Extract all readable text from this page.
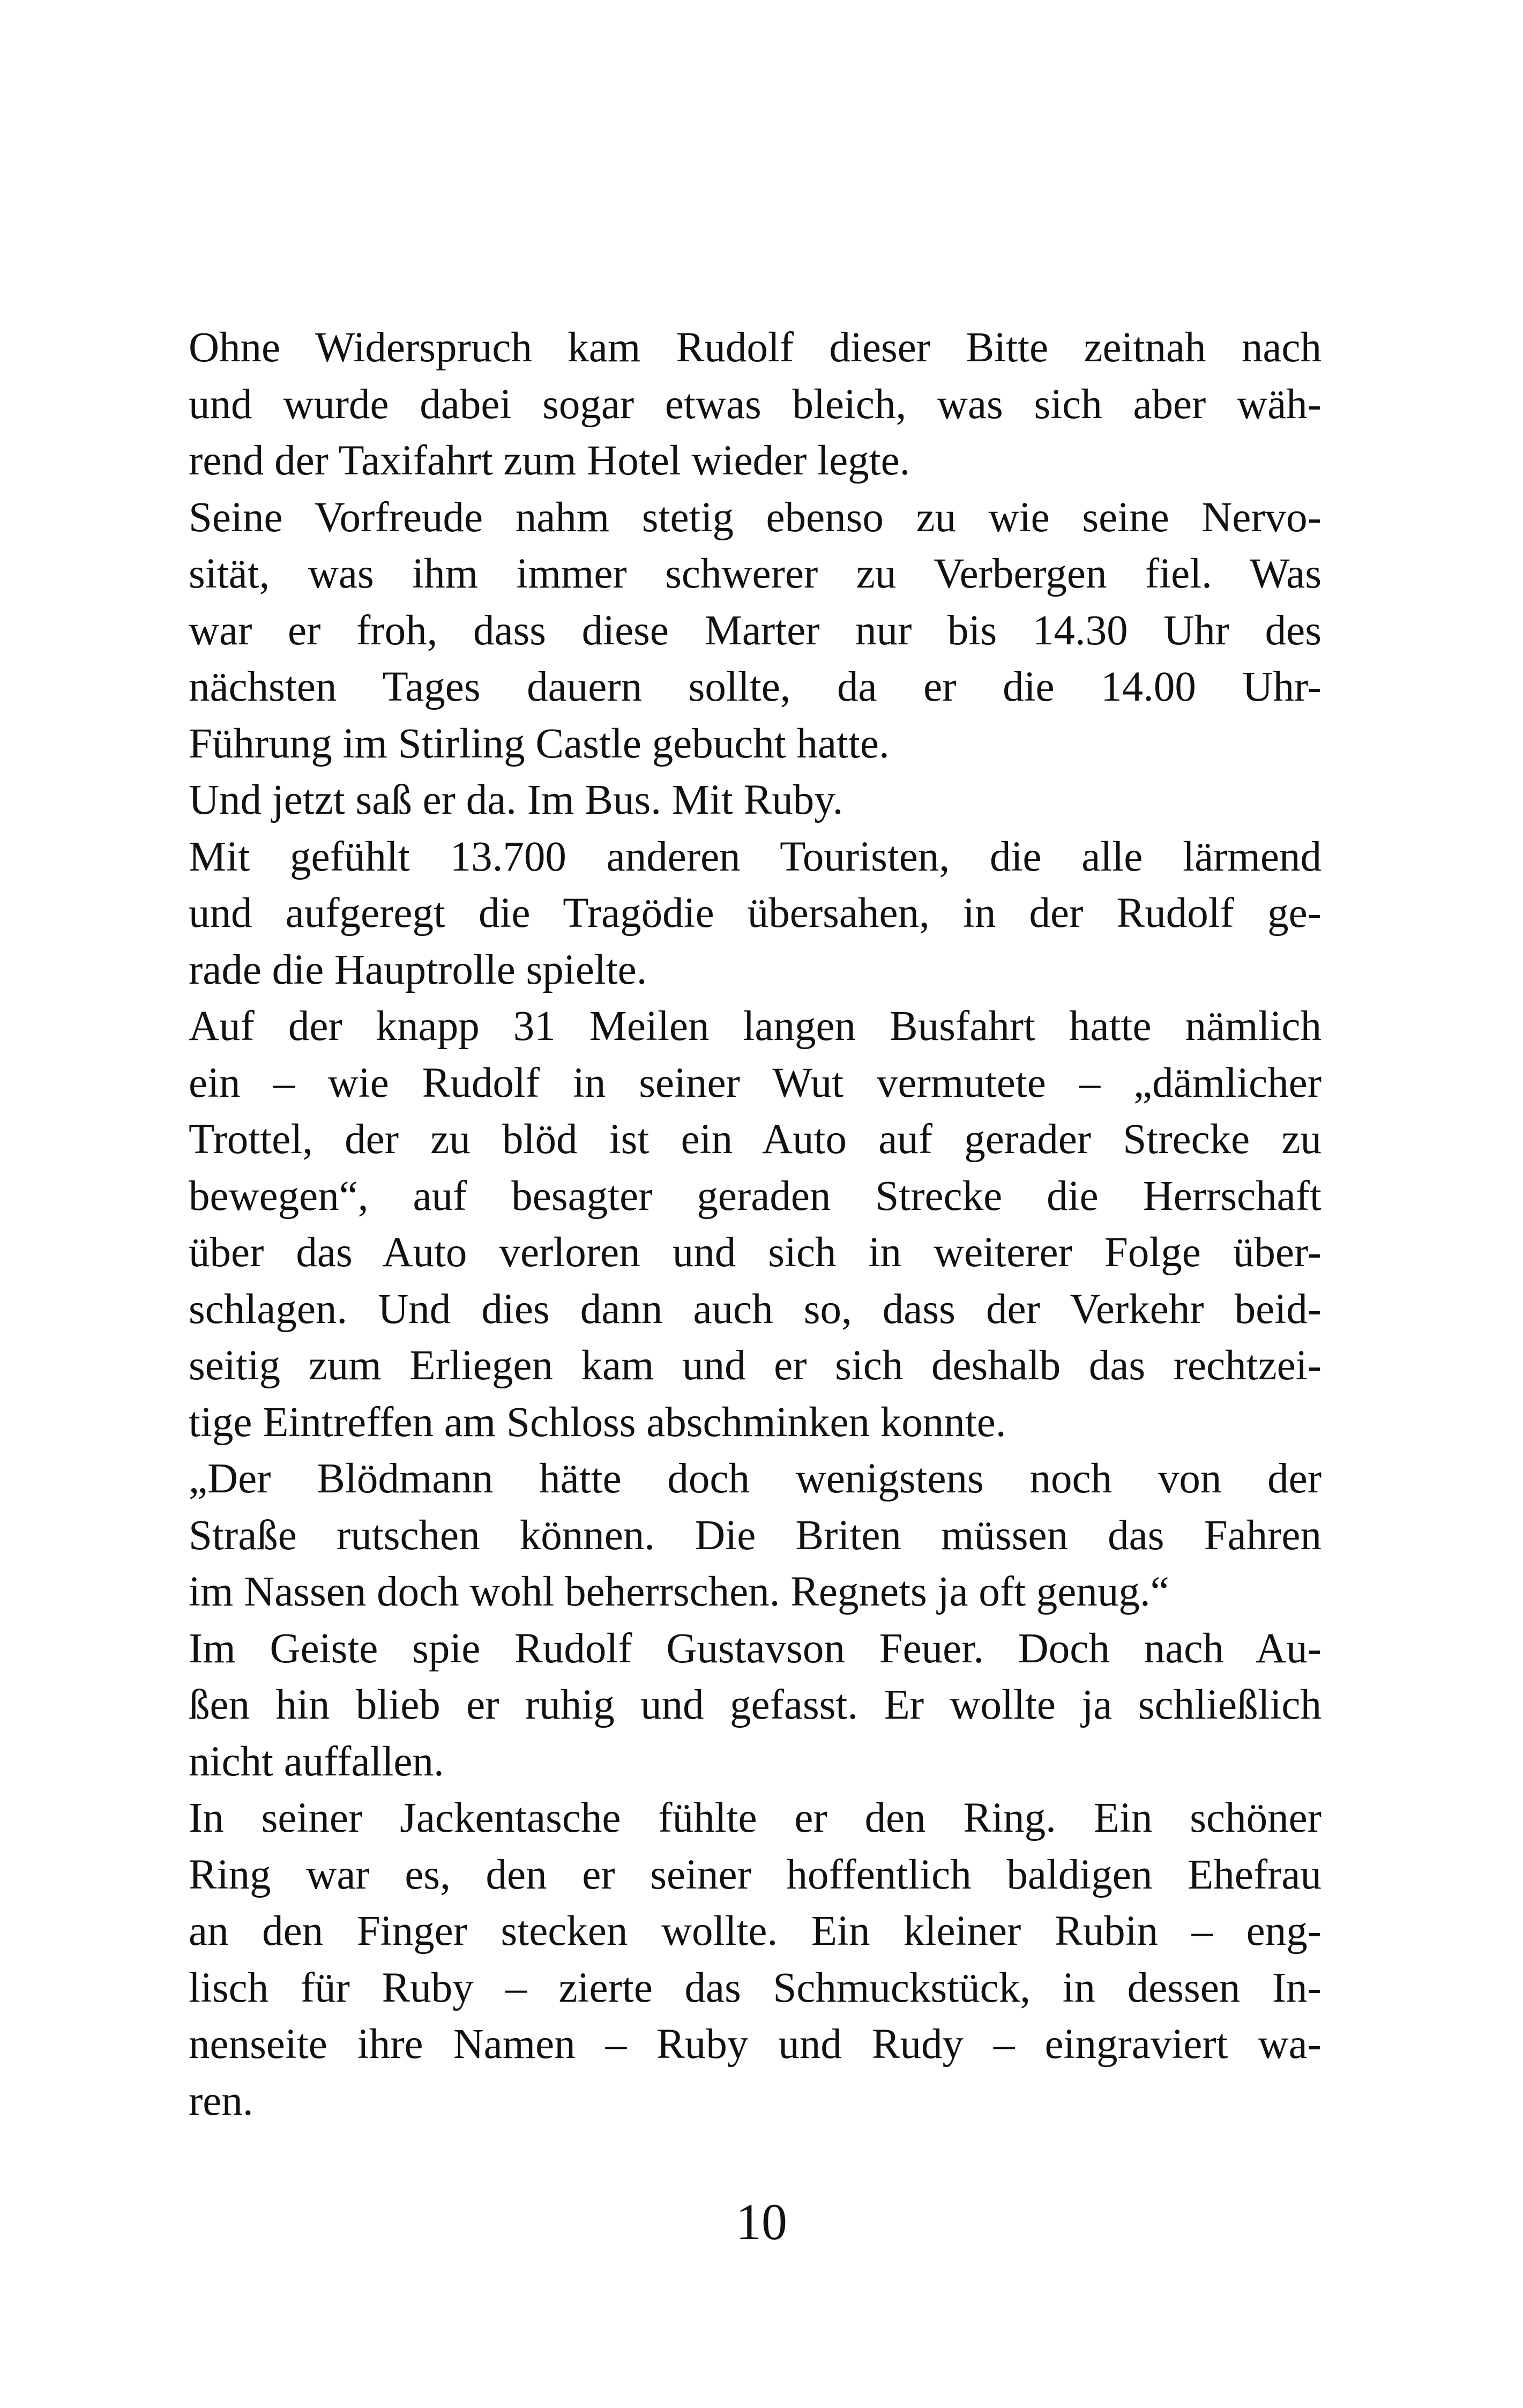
Ohne Widerspruch kam Rudolf dieser Bitte zeitnah nach
und wurde dabei sogar etwas bleich, was sich aber wäh-
rend der Taxifahrt zum Hotel wieder legte.
Seine Vorfreude nahm stetig ebenso zu wie seine Nervo-
sität, was ihm immer schwerer zu Verbergen fiel. Was
war er froh, dass diese Marter nur bis 14.30 Uhr des
nächsten Tages dauern sollte, da er die 14.00 Uhr-
Führung im Stirling Castle gebucht hatte.
Und jetzt saß er da. Im Bus. Mit Ruby.
Mit gefühlt 13.700 anderen Touristen, die alle lärmend
und aufgeregt die Tragödie übersahen, in der Rudolf ge-
rade die Hauptrolle spielte.
Auf der knapp 31 Meilen langen Busfahrt hatte nämlich
ein – wie Rudolf in seiner Wut vermutete – „dämlicher
Trottel, der zu blöd ist ein Auto auf gerader Strecke zu
bewegen“, auf besagter geraden Strecke die Herrschaft
über das Auto verloren und sich in weiterer Folge über-
schlagen. Und dies dann auch so, dass der Verkehr beid-
seitig zum Erliegen kam und er sich deshalb das rechtzei-
tige Eintreffen am Schloss abschminken konnte.
„Der Blödmann hätte doch wenigstens noch von der
Straße rutschen können. Die Briten müssen das Fahren
im Nassen doch wohl beherrschen. Regnets ja oft genug.“
Im Geiste spie Rudolf Gustavson Feuer. Doch nach Au-
ßen hin blieb er ruhig und gefasst. Er wollte ja schließlich
nicht auffallen.
In seiner Jackentasche fühlte er den Ring. Ein schöner
Ring war es, den er seiner hoffentlich baldigen Ehefrau
an den Finger stecken wollte. Ein kleiner Rubin – eng-
lisch für Ruby – zierte das Schmuckstück, in dessen In-
nenseite ihre Namen – Ruby und Rudy – eingraviert wa-
ren.
10
